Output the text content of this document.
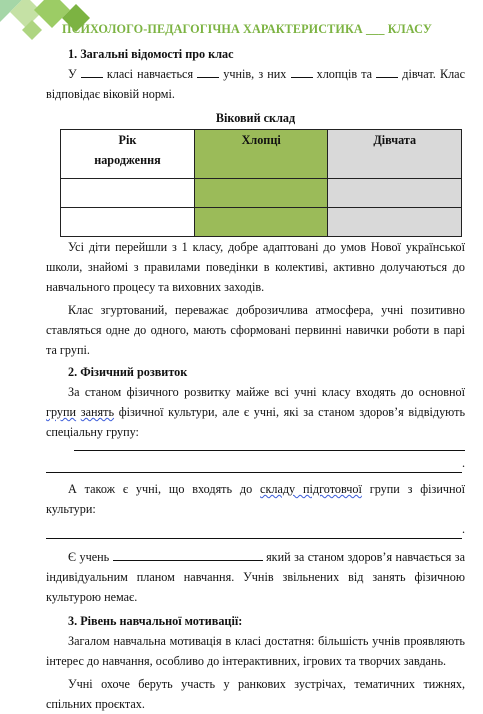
ПСИХОЛОГО-ПЕДАГОГІЧНА ХАРАКТЕРИСТИКА ___ КЛАСУ
1. Загальні відомості про клас

У класі навчається учнів, з них хлопців та дівчат. Клас відповідає віковій нормі.

Віковий склад
Рік
народження	Хлопці	Дівчата

Усі діти перейшли з 1 класу, добре адаптовані до умов Нової української школи, знайомі з правилами поведінки в колективі, активно долучаються до навчального процесу та виховних заходів.

Клас згуртований, переважає доброзичлива атмосфера, учні позитивно ставляться одне до одного, мають сформовані первинні навички роботи в парі та групі.

2. Фізичний розвиток

За станом фізичного розвитку майже всі учні класу входять до основної групи занять фізичної культури, але є учні, які за станом здоров’я відвідують спеціальну групу:

.

А також є учні, що входять до складу підготовчої групи з фізичної культури:

.

Є учень	який за станом здоров’я навчається за індивідуальним планом навчання. Учнів звільнених від занять фізичною культурою немає.

3. Рівень навчальної мотивації:

Загалом навчальна мотивація в класі достатня: більшість учнів проявляють інтерес до навчання, особливо до інтерактивних, ігрових та творчих завдань.

Учні охоче беруть участь у ранкових зустрічах, тематичних тижнях, спільних проєктах.
